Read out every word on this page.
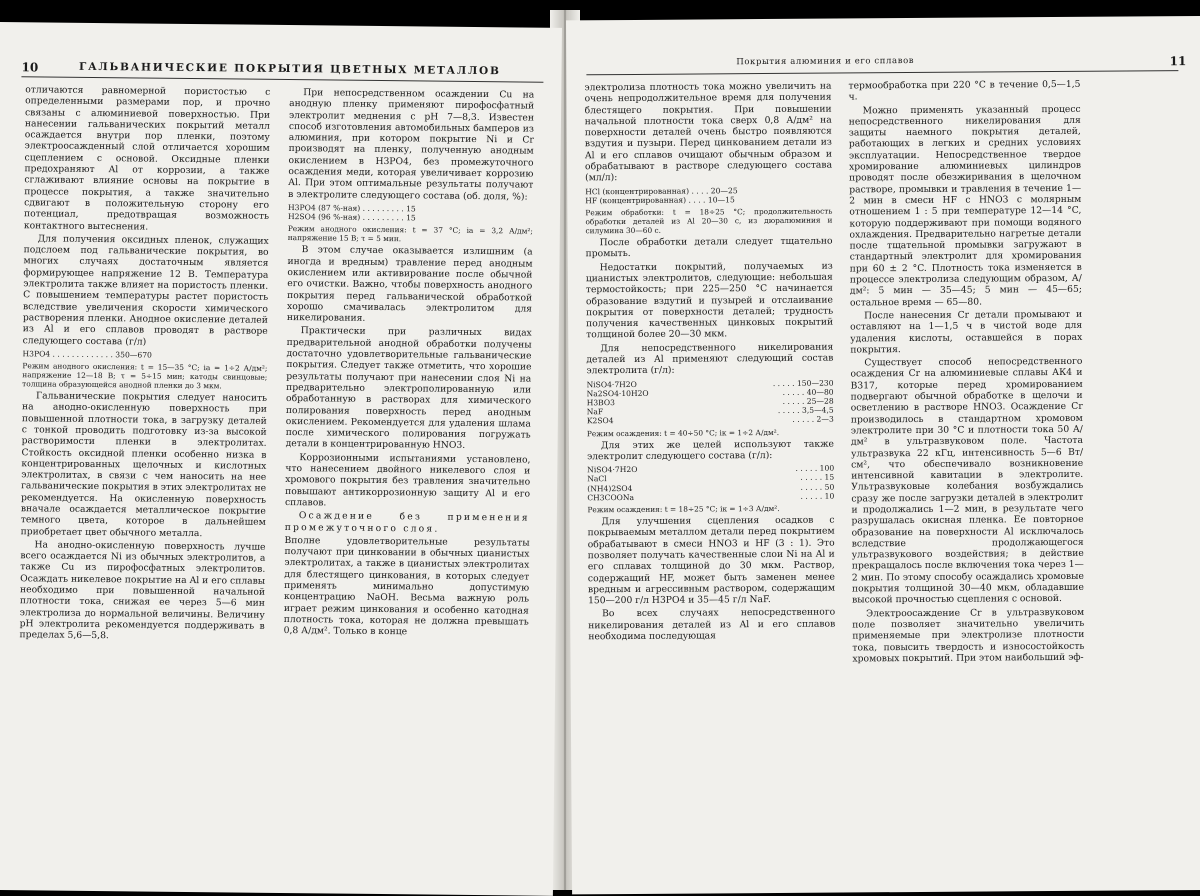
10	ГАЛЬВАНИЧЕСКИЕ ПОКРЫТИЯ ЦВЕТНЫХ МЕТАЛЛОВ

отличаются равномерной пористостью с определенными размерами пор, и прочно связаны с алюминиевой поверхностью. При нанесении гальванических покрытий металл осаждается внутри пор пленки, поэтому электроосажденный слой отличается хорошим сцеплением с основой. Оксидные пленки предохраняют Al от коррозии, а также сглаживают влияние основы на покрытие в процессе покрытия, а также значительно сдвигают в положительную сторону его потенциал, предотвращая возможность контактного вытеснения.

Для получения оксидных пленок, служащих подслоем под гальванические покрытия, во многих случаях достаточным является формирующее напряжение 12 В. Температура электролита также влияет на пористость пленки. С повышением температуры растет пористость вследствие увеличения скорости химического растворения пленки. Анодное окисление деталей из Al и его сплавов проводят в растворе следующего состава (г/л)

H3PO4 . . . . . . . . . . . . . 350—670

Режим анодного окисления: t = 15—35 °C; iа = 1÷2 А/дм²; напряжение 12—18 В; τ = 5÷15 мин; катоды свинцовые; толщина образующейся анодной пленки до 3 мкм.

Гальванические покрытия следует наносить на анодно-окисленную поверхность при повышенной плотности тока, в загрузку деталей с тонкой проводить подготовку из-за высокой растворимости пленки в электролитах. Стойкость оксидной пленки особенно низка в концентрированных щелочных и кислотных электролитах, в связи с чем наносить на нее гальванические покрытия в этих электролитах не рекомендуется. На окисленную поверхность вначале осаждается металлическое покрытие темного цвета, которое в дальнейшем приобретает цвет обычного металла.

На анодно-окисленную поверхность лучше всего осаждается Ni из обычных электролитов, а также Cu из пирофосфатных электролитов. Осаждать никелевое покрытие на Al и его сплавы необходимо при повышенной начальной плотности тока, снижая ее через 5—6 мин электролиза до нормальной величины. Величину pH электролита рекомендуется поддерживать в пределах 5,6—5,8.

При непосредственном осаждении Cu на анодную пленку применяют пирофосфатный электролит меднения с pH 7—8,3. Известен способ изготовления автомобильных бамперов из алюминия, при котором покрытие Ni и Cr производят на пленку, полученную анодным окислением в H3PO4, без промежуточного осаждения меди, которая увеличивает коррозию Al. При этом оптимальные результаты получают в электролите следующего состава (об. доля, %):

H3PO4 (87 %-ная) . . . . . . . . . 15
H2SO4 (96 %-ная) . . . . . . . . . 15

Режим анодного окисления: t = 37 °C; iа = 3,2 А/дм²; напряжение 15 В; τ = 5 мин.

В этом случае оказывается излишним (а иногда и вредным) травление перед анодным окислением или активирование после обычной его очистки. Важно, чтобы поверхность анодного покрытия перед гальванической обработкой хорошо смачивалась электролитом для никелирования.

Практически при различных видах предварительной анодной обработки получены достаточно удовлетворительные гальванические покрытия. Следует также отметить, что хорошие результаты получают при нанесении слоя Ni на предварительно электрополированную или обработанную в растворах для химического полирования поверхность перед анодным окислением. Рекомендуется для удаления шлама после химического полирования погружать детали в концентрированную HNO3.

Коррозионными испытаниями установлено, что нанесением двойного никелевого слоя и хромового покрытия без травления значительно повышают антикоррозионную защиту Al и его сплавов.

Осаждение без применения промежуточного слоя.

Вполне удовлетворительные результаты получают при цинковании в обычных цианистых электролитах, а также в цианистых электролитах для блестящего цинкования, в которых следует применять минимально допустимую концентрацию NaOH. Весьма важную роль играет режим цинкования и особенно катодная плотность тока, которая не должна превышать 0,8 А/дм². Только в конце

Покрытия алюминия и его сплавов	11

электролиза плотность тока можно увеличить на очень непродолжительное время для получения блестящего покрытия. При повышении начальной плотности тока сверх 0,8 А/дм² на поверхности деталей очень быстро появляются вздутия и пузыри. Перед цинкованием детали из Al и его сплавов очищают обычным образом и обрабатывают в растворе следующего состава (мл/л):

HCl (концентрированная) . . . . 20—25
HF (концентрированная) . . . . 10—15

Режим обработки: t = 18÷25 °C; продолжительность обработки деталей из Al 20—30 с, из дюралюминия и силумина 30—60 с.

После обработки детали следует тщательно промыть.

Недостатки покрытий, получаемых из цианистых электролитов, следующие: небольшая термостойкость; при 225—250 °C начинается образование вздутий и пузырей и отслаивание покрытия от поверхности деталей; трудность получения качественных цинковых покрытий толщиной более 20—30 мкм.

Для непосредственного никелирования деталей из Al применяют следующий состав электролита (г/л):

NiSO4·7H2O	. . . . . 150—230
Na2SO4·10H2O	. . . . . 40—80
H3BO3	. . . . . 25—28
NaF	. . . . . 3,5—4,5
K2SO4	. . . . . 2—3

Режим осаждения: t = 40÷50 °C; iк = 1÷2 А/дм².

Для этих же целей используют также электролит следующего состава (г/л):

NiSO4·7H2O	. . . . . 100
NaCl	. . . . . 15
(NH4)2SO4	. . . . . 50
CH3COONa	. . . . . 10

Режим осаждения: t = 18÷25 °C; iк = 1÷3 А/дм².

Для улучшения сцепления осадков с покрываемым металлом детали перед покрытием обрабатывают в смеси HNO3 и HF (3 : 1). Это позволяет получать качественные слои Ni на Al и его сплавах толщиной до 30 мкм. Раствор, содержащий HF, может быть заменен менее вредным и агрессивным раствором, содержащим 150—200 г/л H3PO4 и 35—45 г/л NaF.

Во всех случаях непосредственного никелирования деталей из Al и его сплавов необходима последующая

термообработка при 220 °C в течение 0,5—1,5 ч.

Можно применять указанный процесс непосредственного никелирования для защиты наемного покрытия деталей, работающих в легких и средних условиях эксплуатации. Непосредственное твердое хромирование алюминиевых цилиндров проводят после обезжиривания в щелочном растворе, промывки и травления в течение 1—2 мин в смеси HF с HNO3 с молярным отношением 1 : 5 при температуре 12—14 °C, которую поддерживают при помощи водяного охлаждения. Предварительно нагретые детали после тщательной промывки загружают в стандартный электролит для хромирования при 60 ± 2 °C. Плотность тока изменяется в процессе электролиза следующим образом, А/дм²: 5 мин — 35—45; 5 мин — 45—65; остальное время — 65—80.

После нанесения Cr детали промывают и оставляют на 1—1,5 ч в чистой воде для удаления кислоты, оставшейся в порах покрытия.

Существует способ непосредственного осаждения Cr на алюминиевые сплавы АК4 и В317, которые перед хромированием подвергают обычной обработке в щелочи и осветлению в растворе HNO3. Осаждение Cr производилось в стандартном хромовом электролите при 30 °C и плотности тока 50 А/дм² в ультразвуковом поле. Частота ультразвука 22 кГц, интенсивность 5—6 Вт/см², что обеспечивало возникновение интенсивной кавитации в электролите. Ультразвуковые колебания возбуждались сразу же после загрузки деталей в электролит и продолжались 1—2 мин, в результате чего разрушалась окисная пленка. Ее повторное образование на поверхности Al исключалось вследствие продолжающегося ультразвукового воздействия; в действие прекращалось после включения тока через 1—2 мин. По этому способу осаждались хромовые покрытия толщиной 30—40 мкм, обладавшие высокой прочностью сцепления с основой.

Электроосаждение Cr в ультразвуковом поле позволяет значительно увеличить применяемые при электролизе плотности тока, повысить твердость и износостойкость хромовых покрытий. При этом наибольший эф-
